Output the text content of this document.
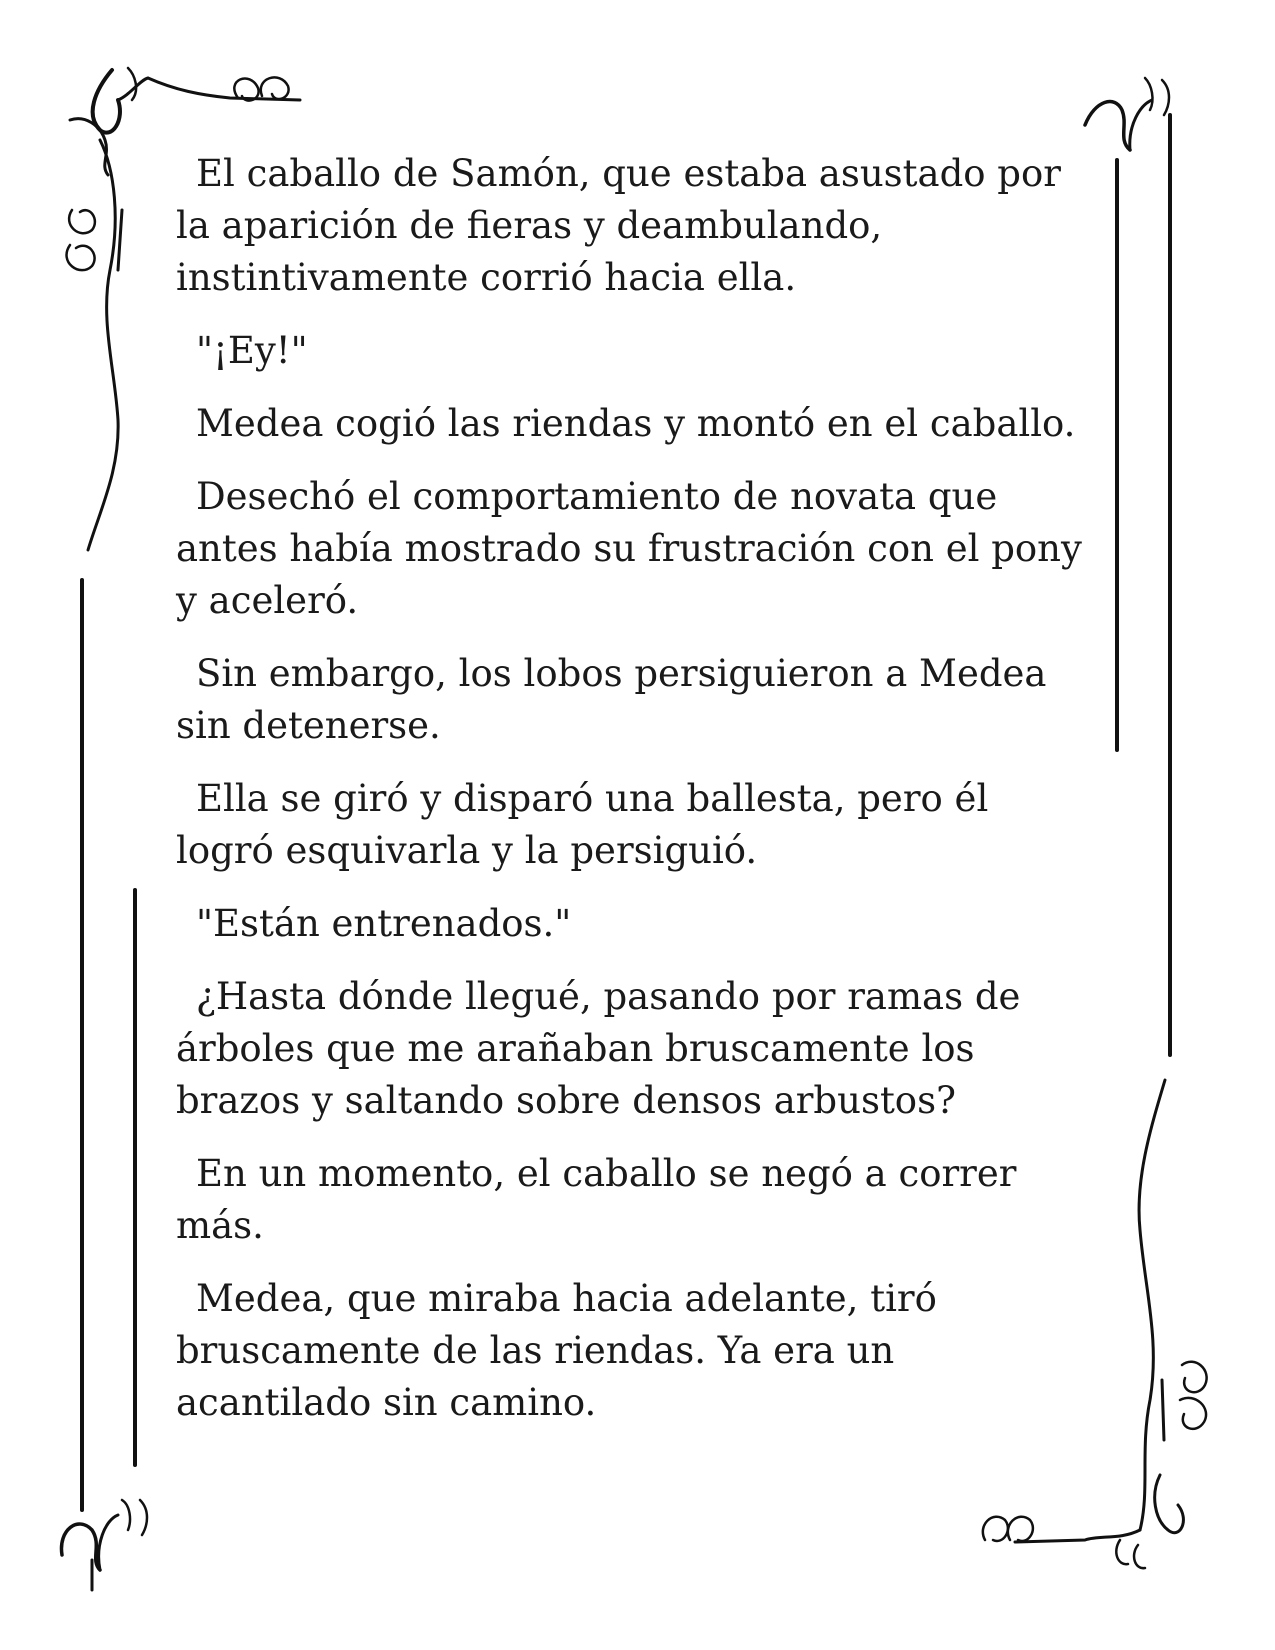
El caballo de Samón, que estaba asustado por la aparición de fieras y deambulando, instintivamente corrió hacia ella.

"¡Ey!"

Medea cogió las riendas y montó en el caballo.

Desechó el comportamiento de novata que antes había mostrado su frustración con el pony y aceleró.

Sin embargo, los lobos persiguieron a Medea sin detenerse.

Ella se giró y disparó una ballesta, pero él logró esquivarla y la persiguió.

"Están entrenados."

¿Hasta dónde llegué, pasando por ramas de árboles que me arañaban bruscamente los brazos y saltando sobre densos arbustos?

En un momento, el caballo se negó a correr más.

Medea, que miraba hacia adelante, tiró bruscamente de las riendas. Ya era un acantilado sin camino.
